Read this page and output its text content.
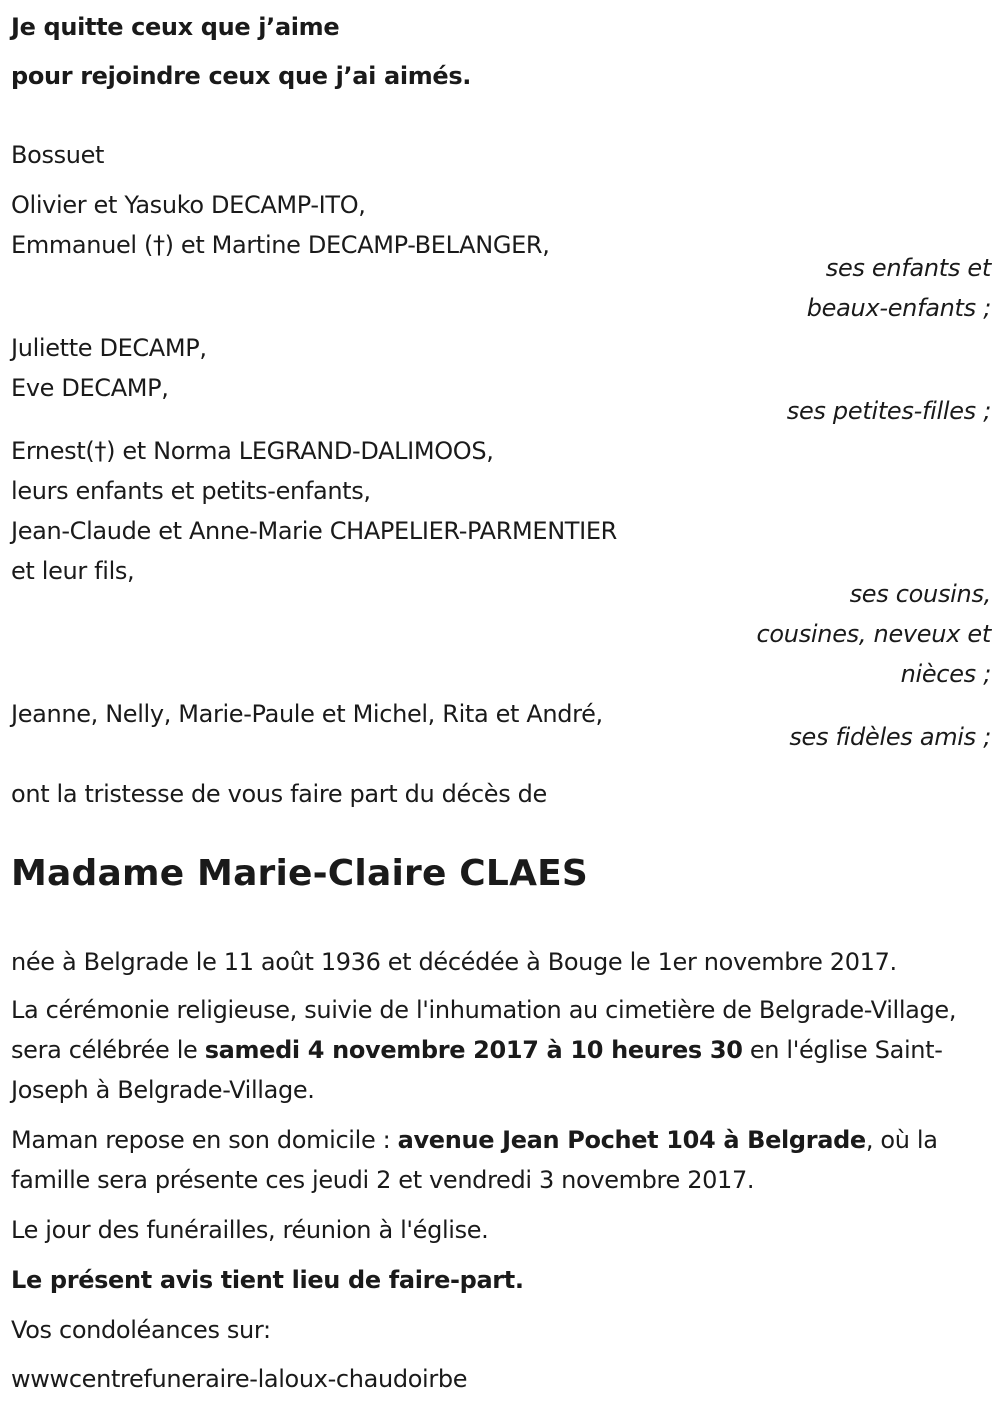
Je quitte ceux que j’aime
pour rejoindre ceux que j’ai aimés.
Bossuet
Olivier et Yasuko DECAMP-ITO,
Emmanuel (†) et Martine DECAMP-BELANGER,
ses enfants et
beaux-enfants ;
Juliette DECAMP,
Eve DECAMP,
ses petites-filles ;
Ernest(†) et Norma LEGRAND-DALIMOOS,
leurs enfants et petits-enfants,
Jean-Claude et Anne-Marie CHAPELIER-PARMENTIER
et leur fils,
ses cousins,
cousines, neveux et
nièces ;
Jeanne, Nelly, Marie-Paule et Michel, Rita et André,
ses fidèles amis ;
ont la tristesse de vous faire part du décès de
Madame Marie-Claire CLAES
née à Belgrade le 11 août 1936 et décédée à Bouge le 1er novembre 2017.
La cérémonie religieuse, suivie de l'inhumation au cimetière de Belgrade-Village, sera célébrée le samedi 4 novembre 2017 à 10 heures 30 en l'église Saint-Joseph à Belgrade-Village.
Maman repose en son domicile : avenue Jean Pochet 104 à Belgrade, où la famille sera présente ces jeudi 2 et vendredi 3 novembre 2017.
Le jour des funérailles, réunion à l'église.
Le présent avis tient lieu de faire-part.
Vos condoléances sur:
wwwcentrefuneraire-laloux-chaudoirbe
